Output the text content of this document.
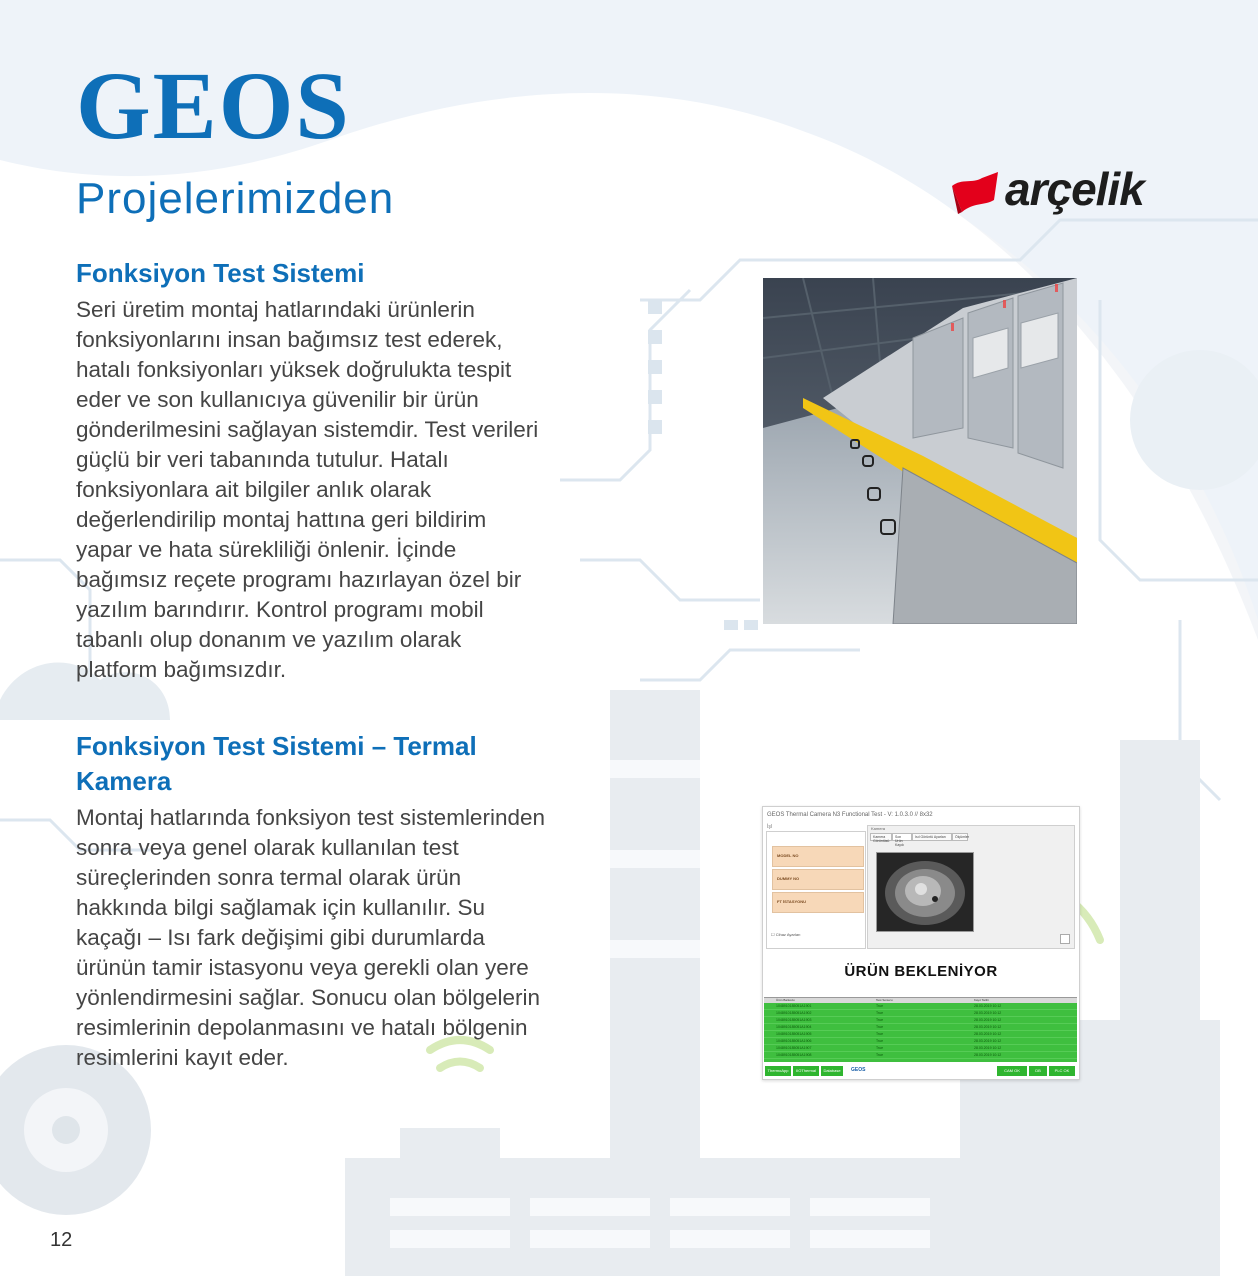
GEOS
Projelerimizden	arçelik
Fonksiyon Test Sistemi

Seri üretim montaj hatlarındaki ürünlerin fonksiyonlarını insan bağımsız test ederek, hatalı fonksiyonları yüksek doğrulukta tespit eder ve son kullanıcıya güvenilir bir ürün gönderilmesini sağlayan sistemdir. Test verileri güçlü bir veri tabanında tutulur. Hatalı fonksiyonlara ait bilgiler anlık olarak değerlendirilip montaj hattına geri bildirim yapar ve hata sürekliliği önlenir. İçinde bağımsız reçete programı hazırlayan özel bir yazılım barındırır. Kontrol programı mobil tabanlı olup donanım ve yazılım olarak platform bağımsızdır.

Fonksiyon Test Sistemi – Termal Kamera

Montaj hatlarında fonksiyon test sistemlerinden sonra veya genel olarak kullanılan test süreçlerinden sonra termal olarak ürün hakkında bilgi sağlamak için kullanılır. Su kaçağı – Isı fark değişimi gibi durumlarda ürünün tamir istasyonu veya gerekli olan yere yönlendirmesini sağlar. Sonucu olan bölgelerin resimlerinin depolanmasını ve hatalı bölgenin resimlerini kayıt eder.

GEOS Thermal Camera N3 Functional Test - V: 1.0.3.0 // 8x32
İşl
MODEL NO
DUMMY NO
FT İSTASYONU
☐ Cihaz Ayarları
Kamera
Kamera Görüntüsü
Son Ürün Kaydı
Isıl Görüntü Ayarları	Ölçümler
ÜRÜN BEKLENİYOR
Ürün Barkodu	Test Sonucu	Kayıt Tarihi
1048910185051A1901	True	28.03.2019 10:12
1048910185051A1902	True	28.03.2019 10:12
1048910185051A1903	True	28.03.2019 10:12
1048910185051A1904	True	28.03.2019 10:12
1048910185051A1905	True	28.03.2019 10:12
1048910185051A1906	True	28.03.2019 10:12
1048910185051A1907	True	28.03.2019 10:12
1048910185051A1908	True	28.03.2019 10:12
ThermoApp	IIOThermal	Database	GEOS	CAM OK	DB	PLC OK

12
